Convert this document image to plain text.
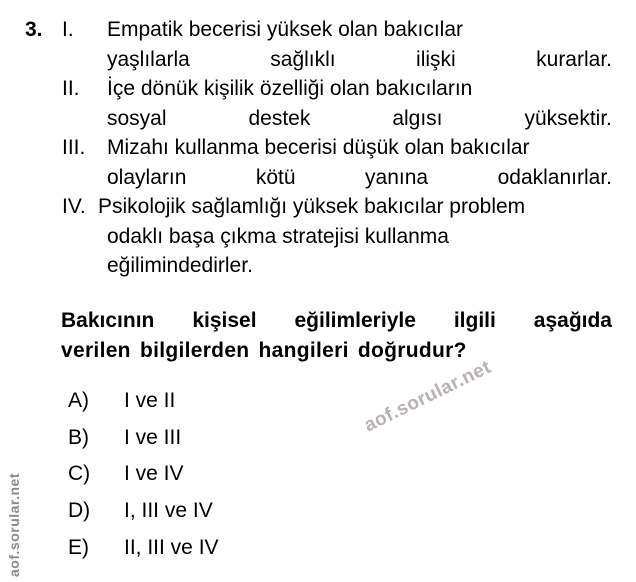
3. I. Empatik becerisi yüksek olan bakıcılar
yaşlılarla sağlıklı ilişki kurarlar.
II. İçe dönük kişilik özelliği olan bakıcıların
sosyal destek algısı yüksektir.
III. Mizahı kullanma becerisi düşük olan bakıcılar
olayların kötü yanına odaklanırlar.
IV. Psikolojik sağlamlığı yüksek bakıcılar problem
odaklı başa çıkma stratejisi kullanma
eğilimindedirler.
Bakıcının kişisel eğilimleriyle ilgili aşağıda
verilen bilgilerden hangileri doğrudur?
A)	I ve II
B)	I ve III
C)	I ve IV
D)	I, III ve IV
E)	II, III ve IV
aof.sorular.net
aof.sorular.net
